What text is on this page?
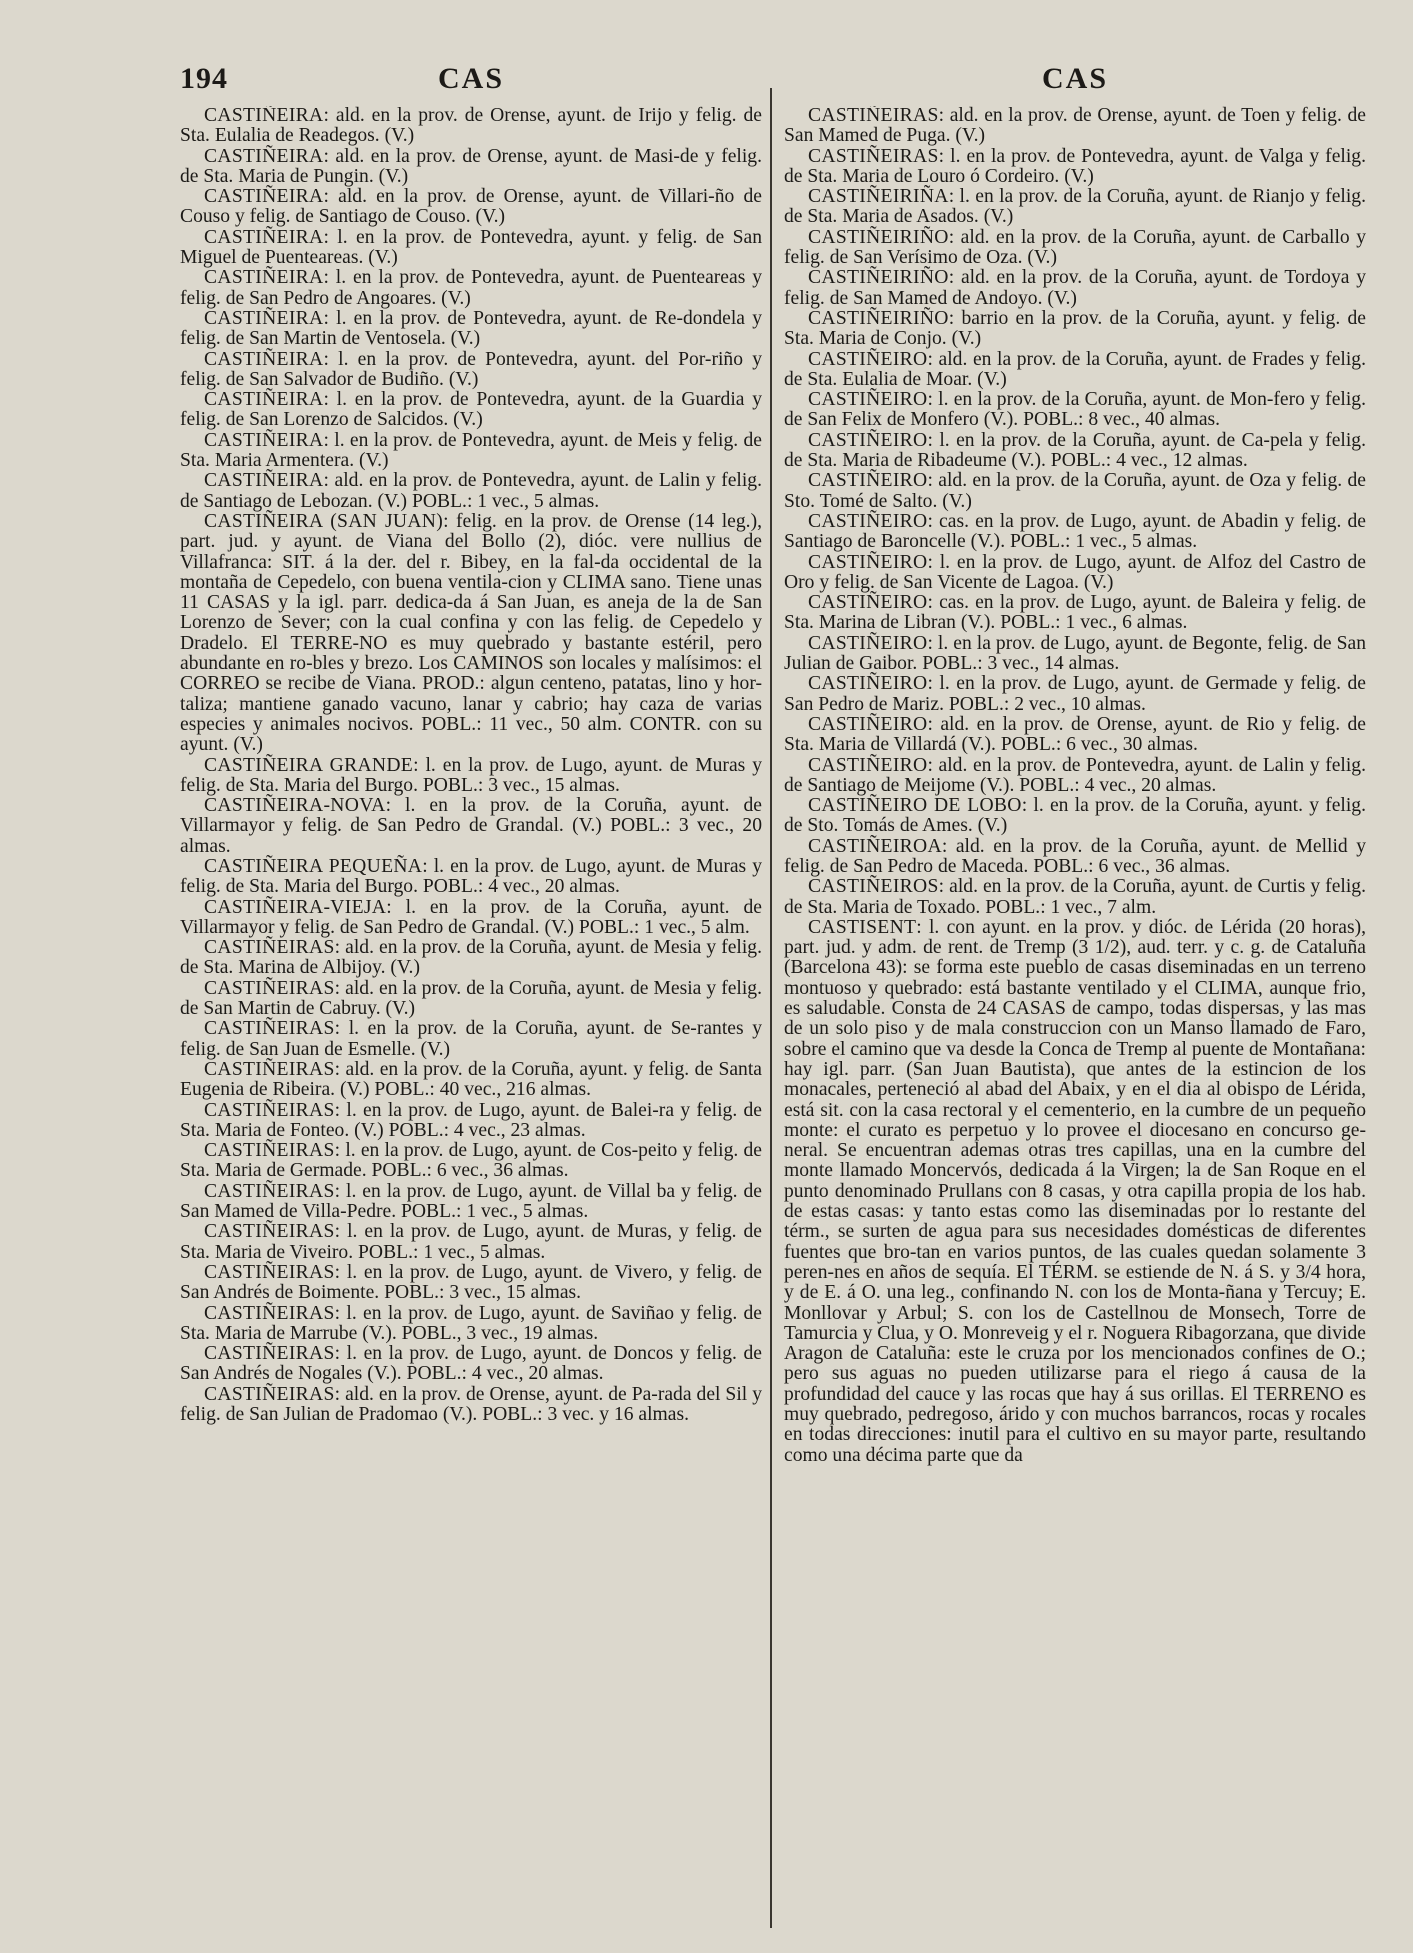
194	CAS	CAS

CASTIÑEIRA: ald. en la prov. de Orense, ayunt. de Irijo y felig. de Sta. Eulalia de Readegos. (V.)

CASTIÑEIRA: ald. en la prov. de Orense, ayunt. de Masi-de y felig. de Sta. Maria de Pungin. (V.)

CASTIÑEIRA: ald. en la prov. de Orense, ayunt. de Villari-ño de Couso y felig. de Santiago de Couso. (V.)

CASTIÑEIRA: l. en la prov. de Pontevedra, ayunt. y felig. de San Miguel de Puenteareas. (V.)

CASTIÑEIRA: l. en la prov. de Pontevedra, ayunt. de Puenteareas y felig. de San Pedro de Angoares. (V.)

CASTIÑEIRA: l. en la prov. de Pontevedra, ayunt. de Re-dondela y felig. de San Martin de Ventosela. (V.)

CASTIÑEIRA: l. en la prov. de Pontevedra, ayunt. del Por-riño y felig. de San Salvador de Budiño. (V.)

CASTIÑEIRA: l. en la prov. de Pontevedra, ayunt. de la Guardia y felig. de San Lorenzo de Salcidos. (V.)

CASTIÑEIRA: l. en la prov. de Pontevedra, ayunt. de Meis y felig. de Sta. Maria Armentera. (V.)

CASTIÑEIRA: ald. en la prov. de Pontevedra, ayunt. de Lalin y felig. de Santiago de Lebozan. (V.) POBL.: 1 vec., 5 almas.

CASTIÑEIRA (SAN JUAN): felig. en la prov. de Orense (14 leg.), part. jud. y ayunt. de Viana del Bollo (2), dióc. vere nullius de Villafranca: SIT. á la der. del r. Bibey, en la fal-da occidental de la montaña de Cepedelo, con buena ventila-cion y CLIMA sano. Tiene unas 11 CASAS y la igl. parr. dedica-da á San Juan, es aneja de la de San Lorenzo de Sever; con la cual confina y con las felig. de Cepedelo y Dradelo. El TERRE-NO es muy quebrado y bastante estéril, pero abundante en ro-bles y brezo. Los CAMINOS son locales y malísimos: el CORREO se recibe de Viana. PROD.: algun centeno, patatas, lino y hor-taliza; mantiene ganado vacuno, lanar y cabrio; hay caza de varias especies y animales nocivos. POBL.: 11 vec., 50 alm. CONTR. con su ayunt. (V.)

CASTIÑEIRA GRANDE: l. en la prov. de Lugo, ayunt. de Muras y felig. de Sta. Maria del Burgo. POBL.: 3 vec., 15 almas.

CASTIÑEIRA-NOVA: l. en la prov. de la Coruña, ayunt. de Villarmayor y felig. de San Pedro de Grandal. (V.) POBL.: 3 vec., 20 almas.

CASTIÑEIRA PEQUEÑA: l. en la prov. de Lugo, ayunt. de Muras y felig. de Sta. Maria del Burgo. POBL.: 4 vec., 20 almas.

CASTIÑEIRA-VIEJA: l. en la prov. de la Coruña, ayunt. de Villarmayor y felig. de San Pedro de Grandal. (V.) POBL.: 1 vec., 5 alm.

CASTIÑEIRAS: ald. en la prov. de la Coruña, ayunt. de Mesia y felig. de Sta. Marina de Albijoy. (V.)

CASTIÑEIRAS: ald. en la prov. de la Coruña, ayunt. de Mesia y felig. de San Martin de Cabruy. (V.)

CASTIÑEIRAS: l. en la prov. de la Coruña, ayunt. de Se-rantes y felig. de San Juan de Esmelle. (V.)

CASTIÑEIRAS: ald. en la prov. de la Coruña, ayunt. y felig. de Santa Eugenia de Ribeira. (V.) POBL.: 40 vec., 216 almas.

CASTIÑEIRAS: l. en la prov. de Lugo, ayunt. de Balei-ra y felig. de Sta. Maria de Fonteo. (V.) POBL.: 4 vec., 23 almas.

CASTIÑEIRAS: l. en la prov. de Lugo, ayunt. de Cos-peito y felig. de Sta. Maria de Germade. POBL.: 6 vec., 36 almas.

CASTIÑEIRAS: l. en la prov. de Lugo, ayunt. de Villal ba y felig. de San Mamed de Villa-Pedre. POBL.: 1 vec., 5 almas.

CASTIÑEIRAS: l. en la prov. de Lugo, ayunt. de Muras, y felig. de Sta. Maria de Viveiro. POBL.: 1 vec., 5 almas.

CASTIÑEIRAS: l. en la prov. de Lugo, ayunt. de Vivero, y felig. de San Andrés de Boimente. POBL.: 3 vec., 15 almas.

CASTIÑEIRAS: l. en la prov. de Lugo, ayunt. de Saviñao y felig. de Sta. Maria de Marrube (V.). POBL., 3 vec., 19 almas.

CASTIÑEIRAS: l. en la prov. de Lugo, ayunt. de Doncos y felig. de San Andrés de Nogales (V.). POBL.: 4 vec., 20 almas.

CASTIÑEIRAS: ald. en la prov. de Orense, ayunt. de Pa-rada del Sil y felig. de San Julian de Pradomao (V.). POBL.: 3 vec. y 16 almas.

CASTIÑEIRAS: ald. en la prov. de Orense, ayunt. de Toen y felig. de San Mamed de Puga. (V.)

CASTIÑEIRAS: l. en la prov. de Pontevedra, ayunt. de Valga y felig. de Sta. Maria de Louro ó Cordeiro. (V.)

CASTIÑEIRIÑA: l. en la prov. de la Coruña, ayunt. de Rianjo y felig. de Sta. Maria de Asados. (V.)

CASTIÑEIRIÑO: ald. en la prov. de la Coruña, ayunt. de Carballo y felig. de San Verísimo de Oza. (V.)

CASTIÑEIRIÑO: ald. en la prov. de la Coruña, ayunt. de Tordoya y felig. de San Mamed de Andoyo. (V.)

CASTIÑEIRIÑO: barrio en la prov. de la Coruña, ayunt. y felig. de Sta. Maria de Conjo. (V.)

CASTIÑEIRO: ald. en la prov. de la Coruña, ayunt. de Frades y felig. de Sta. Eulalia de Moar. (V.)

CASTIÑEIRO: l. en la prov. de la Coruña, ayunt. de Mon-fero y felig. de San Felix de Monfero (V.). POBL.: 8 vec., 40 almas.

CASTIÑEIRO: l. en la prov. de la Coruña, ayunt. de Ca-pela y felig. de Sta. Maria de Ribadeume (V.). POBL.: 4 vec., 12 almas.

CASTIÑEIRO: ald. en la prov. de la Coruña, ayunt. de Oza y felig. de Sto. Tomé de Salto. (V.)

CASTIÑEIRO: cas. en la prov. de Lugo, ayunt. de Abadin y felig. de Santiago de Baroncelle (V.). POBL.: 1 vec., 5 almas.

CASTIÑEIRO: l. en la prov. de Lugo, ayunt. de Alfoz del Castro de Oro y felig. de San Vicente de Lagoa. (V.)

CASTIÑEIRO: cas. en la prov. de Lugo, ayunt. de Baleira y felig. de Sta. Marina de Libran (V.). POBL.: 1 vec., 6 almas.

CASTIÑEIRO: l. en la prov. de Lugo, ayunt. de Begonte, felig. de San Julian de Gaibor. POBL.: 3 vec., 14 almas.

CASTIÑEIRO: l. en la prov. de Lugo, ayunt. de Germade y felig. de San Pedro de Mariz. POBL.: 2 vec., 10 almas.

CASTIÑEIRO: ald. en la prov. de Orense, ayunt. de Rio y felig. de Sta. Maria de Villardá (V.). POBL.: 6 vec., 30 almas.

CASTIÑEIRO: ald. en la prov. de Pontevedra, ayunt. de Lalin y felig. de Santiago de Meijome (V.). POBL.: 4 vec., 20 almas.

CASTIÑEIRO DE LOBO: l. en la prov. de la Coruña, ayunt. y felig. de Sto. Tomás de Ames. (V.)

CASTIÑEIROA: ald. en la prov. de la Coruña, ayunt. de Mellid y felig. de San Pedro de Maceda. POBL.: 6 vec., 36 almas.

CASTIÑEIROS: ald. en la prov. de la Coruña, ayunt. de Curtis y felig. de Sta. Maria de Toxado. POBL.: 1 vec., 7 alm.

CASTISENT: l. con ayunt. en la prov. y dióc. de Lérida (20 horas), part. jud. y adm. de rent. de Tremp (3 1/2), aud. terr. y c. g. de Cataluña (Barcelona 43): se forma este pueblo de casas diseminadas en un terreno montuoso y quebrado: está bastante ventilado y el CLIMA, aunque frio, es saludable. Consta de 24 CASAS de campo, todas dispersas, y las mas de un solo piso y de mala construccion con un Manso llamado de Faro, sobre el camino que va desde la Conca de Tremp al puente de Montañana: hay igl. parr. (San Juan Bautista), que antes de la estincion de los monacales, perteneció al abad del Abaix, y en el dia al obispo de Lérida, está sit. con la casa rectoral y el cementerio, en la cumbre de un pequeño monte: el curato es perpetuo y lo provee el diocesano en concurso ge-neral. Se encuentran ademas otras tres capillas, una en la cumbre del monte llamado Moncervós, dedicada á la Virgen; la de San Roque en el punto denominado Prullans con 8 casas, y otra capilla propia de los hab. de estas casas: y tanto estas como las diseminadas por lo restante del térm., se surten de agua para sus necesidades domésticas de diferentes fuentes que bro-tan en varios puntos, de las cuales quedan solamente 3 peren-nes en años de sequía. El TÉRM. se estiende de N. á S. y 3/4 hora, y de E. á O. una leg., confinando N. con los de Monta-ñana y Tercuy; E. Monllovar y Arbul; S. con los de Castellnou de Monsech, Torre de Tamurcia y Clua, y O. Monreveig y el r. Noguera Ribagorzana, que divide Aragon de Cataluña: este le cruza por los mencionados confines de O.; pero sus aguas no pueden utilizarse para el riego á causa de la profundidad del cauce y las rocas que hay á sus orillas. El TERRENO es muy quebrado, pedregoso, árido y con muchos barrancos, rocas y rocales en todas direcciones: inutil para el cultivo en su mayor parte, resultando como una décima parte que da
